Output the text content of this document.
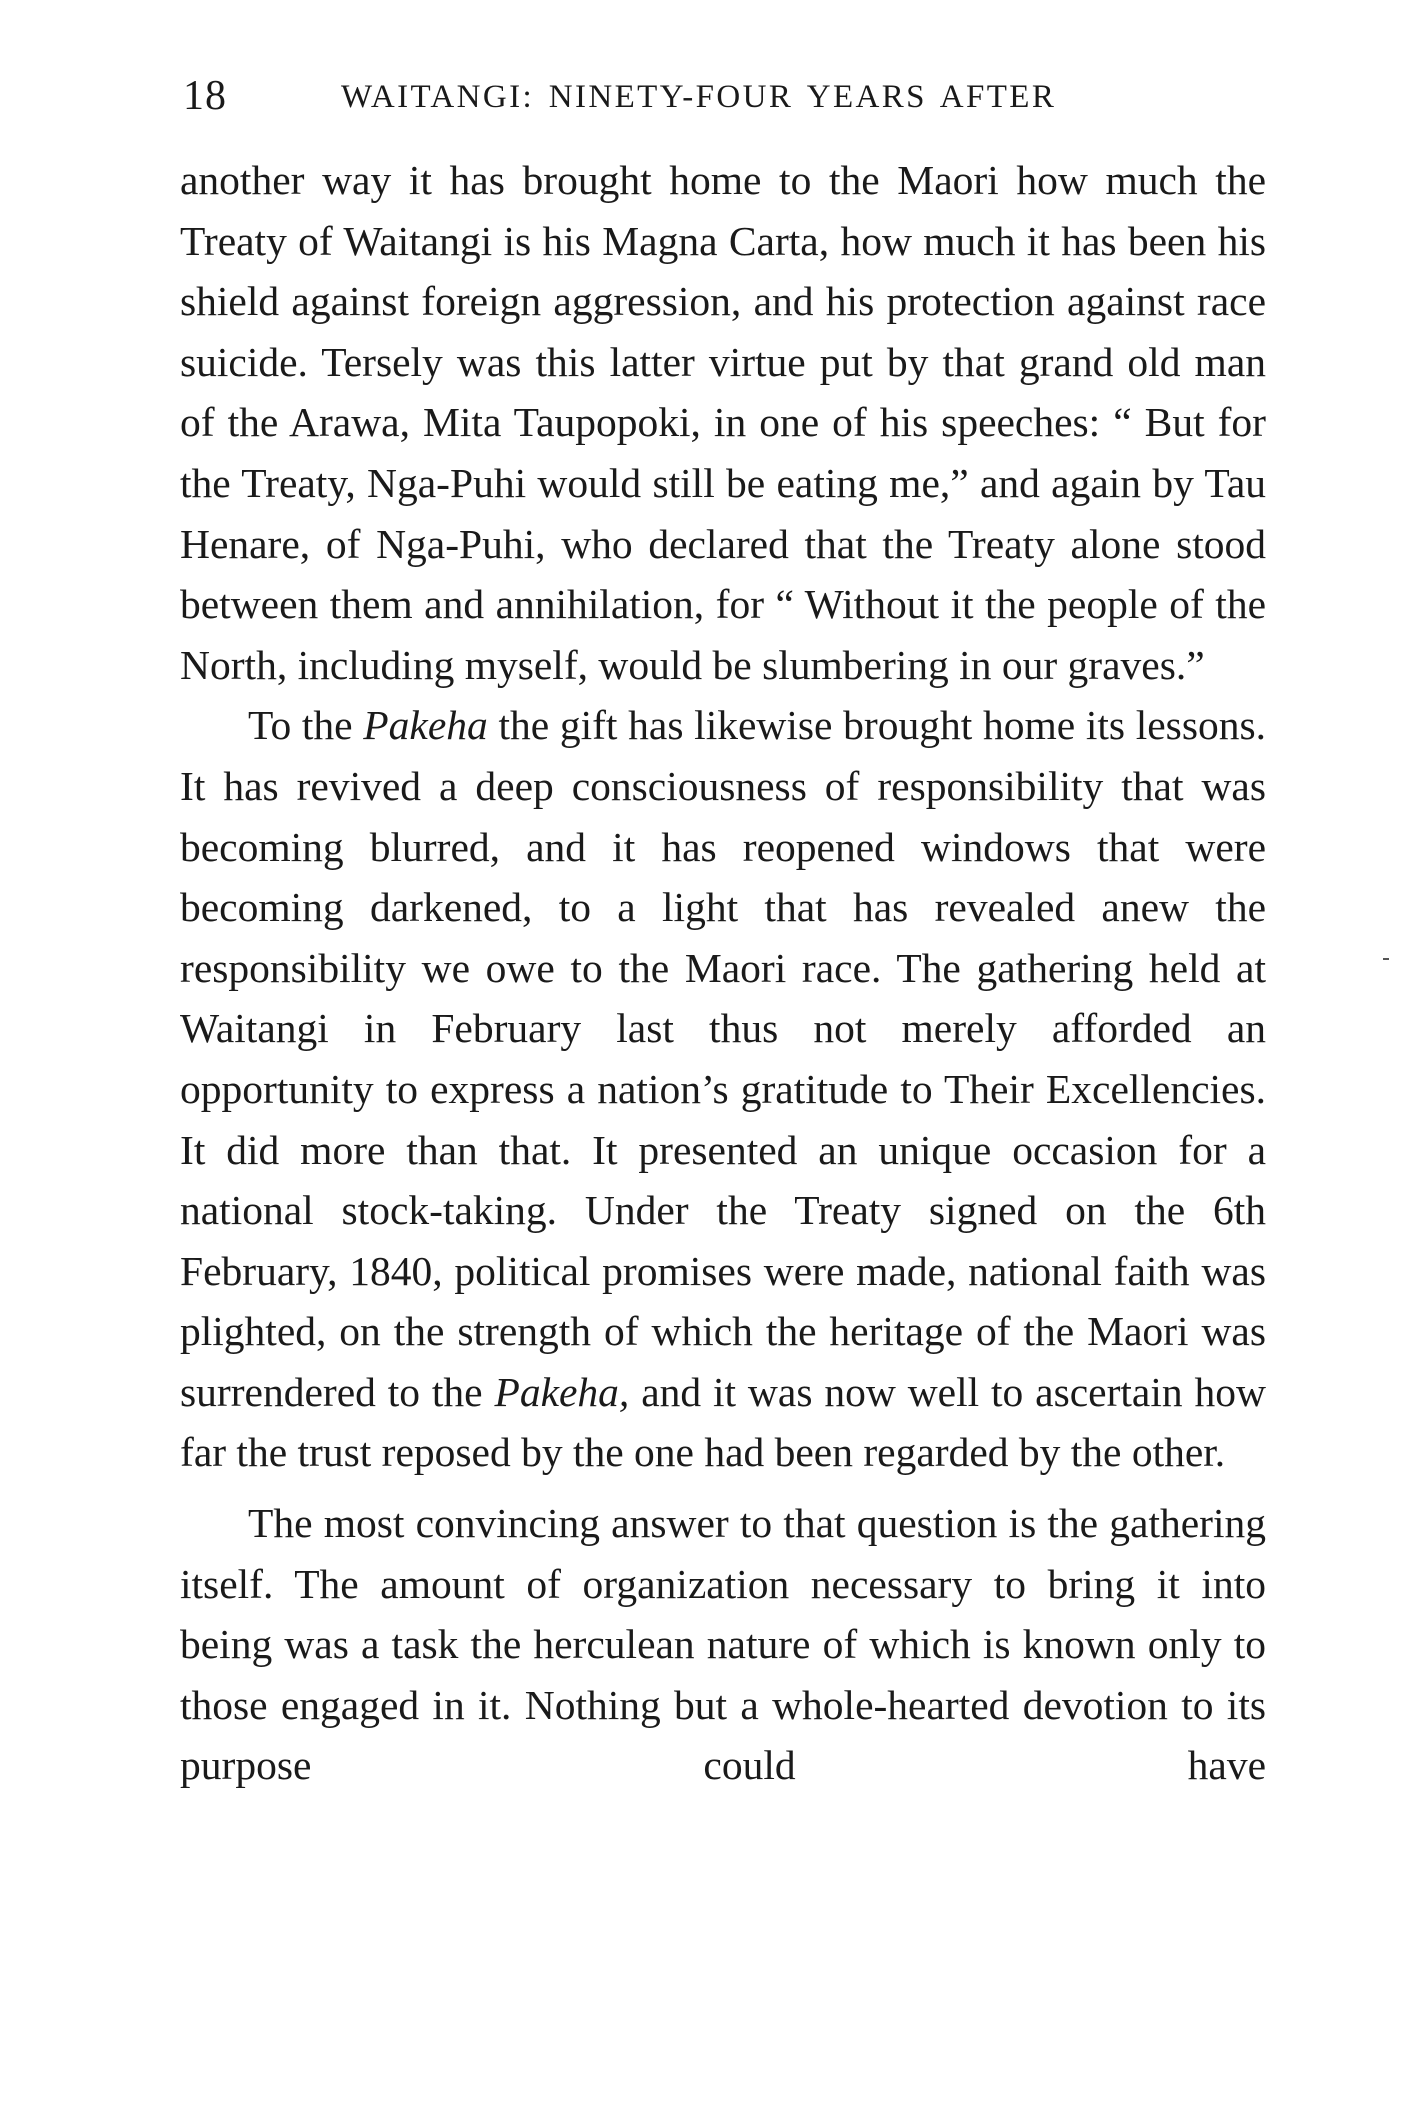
18	WAITANGI: NINETY-FOUR YEARS AFTER

another way it has brought home to the Maori how much the Treaty of Waitangi is his Magna Carta, how much it has been his shield against foreign aggression, and his protection against race suicide. Tersely was this latter virtue put by that grand old man of the Arawa, Mita Taupopoki, in one of his speeches: “ But for the Treaty, Nga-Puhi would still be eating me,” and again by Tau Henare, of Nga-Puhi, who declared that the Treaty alone stood between them and annihilation, for “ Without it the people of the North, including myself, would be slumbering in our graves.”

To the Pakeha the gift has likewise brought home its lessons. It has revived a deep consciousness of responsibility that was becoming blurred, and it has reopened windows that were becoming darkened, to a light that has revealed anew the responsibility we owe to the Maori race. The gathering held at Waitangi in February last thus not merely afforded an opportunity to express a nation’s gratitude to Their Excellencies. It did more than that. It presented an unique occasion for a national stock-taking. Under the Treaty signed on the 6th February, 1840, political promises were made, national faith was plighted, on the strength of which the heritage of the Maori was surrendered to the Pakeha, and it was now well to ascertain how far the trust reposed by the one had been regarded by the other.

The most convincing answer to that question is the gathering itself. The amount of organization necessary to bring it into being was a task the herculean nature of which is known only to those engaged in it. Nothing but a whole-hearted devotion to its purpose could have
